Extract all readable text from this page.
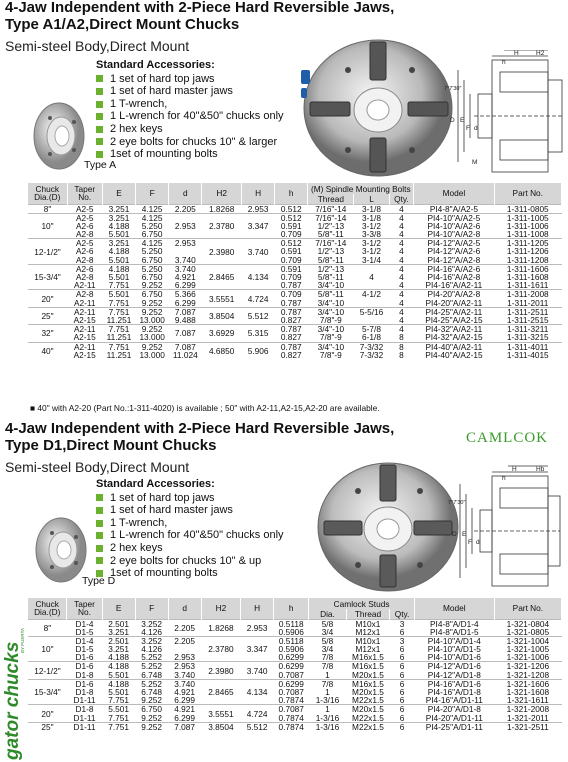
4-Jaw Independent with 2-Piece Hard Reversible Jaws,
Type A1/A2,Direct Mount Chucks
Semi-steel Body,Direct Mount
Standard Accessories:
1 set of hard top jaws
1 set of hard master jaws
1 T-wrench,
1 L-wrench for 40"&50" chucks only
2 hex keys
2 eye bolts for chucks 10" & larger
1set of mounting bolts
Type A
H	H2
h
7°7'30"
D E
F d
M
Chuck Dia.(D)	Taper No.	E	F	d	H2	H	h	(M) Spindle Mounting Bolts			Model	Part No.
								Thread	L	Qty.		
8"	A2-5	3.251	4.125	2.205	1.8268	2.953	0.512	7/16"-14	3-1/8	4	PI4-8"A/A2-5	1-311-0805
10"	A2-5	3.251	4.125	2.953	2.3780	3.347	0.512	7/16"-14	3-1/8	4	PI4-10"A/A2-5	1-311-1005
	A2-6	4.188	5.250				0.591	1/2"-13	3-1/2	4	PI4-10"A/A2-6	1-311-1006
	A2-8	5.501	6.750				0.709	5/8"-11	3-3/8	4	PI4-10"A/A2-8	1-311-1008
12-1/2"	A2-5	3.251	4.125	2.953	2.3980	3.740	0.512	7/16"-14	3-1/2	4	PI4-12"A/A2-5	1-311-1205
	A2-6	4.188	5.250				0.591	1/2"-13	3-1/2	4	PI4-12"A/A2-6	1-311-1206
	A2-8	5.501	6.750	3.740			0.709	5/8"-11	3-1/4	4	PI4-12"A/A2-8	1-311-1208
15-3/4"	A2-6	4.188	5.250	3.740	2.8465	4.134	0.591	1/2"-13		4	PI4-16"A/A2-6	1-311-1606
	A2-8	5.501	6.750	4.921			0.709	5/8"-11	4	4	PI4-16"A/A2-8	1-311-1608
	A2-11	7.751	9.252	6.299			0.787	3/4"-10		4	PI4-16"A/A2-11	1-311-1611
20"	A2-8	5.501	6.750	5.366	3.5551	4.724	0.709	5/8"-11	4-1/2	4	PI4-20"A/A2-8	1-311-2008
	A2-11	7.751	9.252	6.299			0.787	3/4"-10		4	PI4-20"A/A2-11	1-311-2011
25"	A2-11	7.751	9.252	7.087	3.8504	5.512	0.787	3/4"-10	5-5/16	4	PI4-25"A/A2-11	1-311-2511
	A2-15	11.251	13.000	9.488			0.827	7/8"-9		4	PI4-25"A/A2-15	1-311-2515
32"	A2-11	7.751	9.252	7.087	3.6929	5.315	0.787	3/4"-10	5-7/8	4	PI4-32"A/A2-11	1-311-3211
	A2-15	11.251	13.000				0.827	7/8"-9	6-1/8	8	PI4-32"A/A2-15	1-311-3215
40"	A2-11	7.751	9.252	7.087	4.6850	5.906	0.787	3/4"-10	7-3/32	8	PI4-40"A/A2-11	1-311-4011
	A2-15	11.251	13.000	11.024			0.827	7/8"-9	7-3/32	8	PI4-40"A/A2-15	1-311-4015
■ 40" with A2-20 (Part No.:1-311-4020) is available ; 50" with A2-11,A2-15,A2-20 are available.
4-Jaw Independent with 2-Piece Hard Reversible Jaws,
Type D1,Direct Mount Chucks	CAMLCOK
Semi-steel Body,Direct Mount
Standard Accessories:
1 set of hard top jaws
1 set of hard master jaws
1 T-wrench,
1 L-wrench for 40"&50" chucks only
2 hex keys
2 eye bolts for chucks 10" & up
1set of mounting bolts
Type D
H	Hb
h
7°7'30"
D E
F d
Chuck Dia.(D)	Taper No.	E	F	d	H2	H	h	Camlock Studs			Model	Part No.
								Dia.	Thread	Qty.		
8"	D1-4	2.501	3.252	2.205	1.8268	2.953	0.5118	5/8	M10x1	3	PI4-8"A/D1-4	1-321-0804
	D1-5	3.251	4.126				0.5906	3/4	M12x1	6	PI4-8"A/D1-5	1-321-0805
10"	D1-4	2.501	3.252	2.205	2.3780	3.347	0.5118	5/8	M10x1	3	PI4-10"A/D1-4	1-321-1004
	D1-5	3.251	4.126				0.5906	3/4	M12x1	6	PI4-10"A/D1-5	1-321-1005
	D1-6	4.188	5.252	2.953			0.6299	7/8	M16x1.5	6	PI4-10"A/D1-6	1-321-1006
12-1/2"	D1-6	4.188	5.252	2.953	2.3980	3.740	0.6299	7/8	M16x1.5	6	PI4-12"A/D1-6	1-321-1206
	D1-8	5.501	6.748	3.740			0.7087	1	M20x1.5	6	PI4-12"A/D1-8	1-321-1208
15-3/4"	D1-6	4.188	5.252	3.740	2.8465	4.134	0.6299	7/8	M16x1.5	6	PI4-16"A/D1-6	1-321-1606
	D1-8	5.501	6.748	4.921			0.7087	1	M20x1.5	6	PI4-16"A/D1-8	1-321-1608
	D1-11	7.751	9.252	6.299			0.7874	1-3/16	M22x1.5	6	PI4-16"A/D1-11	1-321-1611
20"	D1-8	5.501	6.750	4.921	3.5551	4.724	0.7087	1	M20x1.5	6	PI4-20"A/D1-8	1-321-2008
	D1-11	7.751	9.252	6.299			0.7874	1-3/16	M22x1.5	6	PI4-20"A/D1-11	1-321-2011
25"	D1-11	7.751	9.252	7.087	3.8504	5.512	0.7874	1-3/16	M22x1.5	6	PI4-25"A/D1-11	1-321-2511
gator chucks
BY PUERTA
